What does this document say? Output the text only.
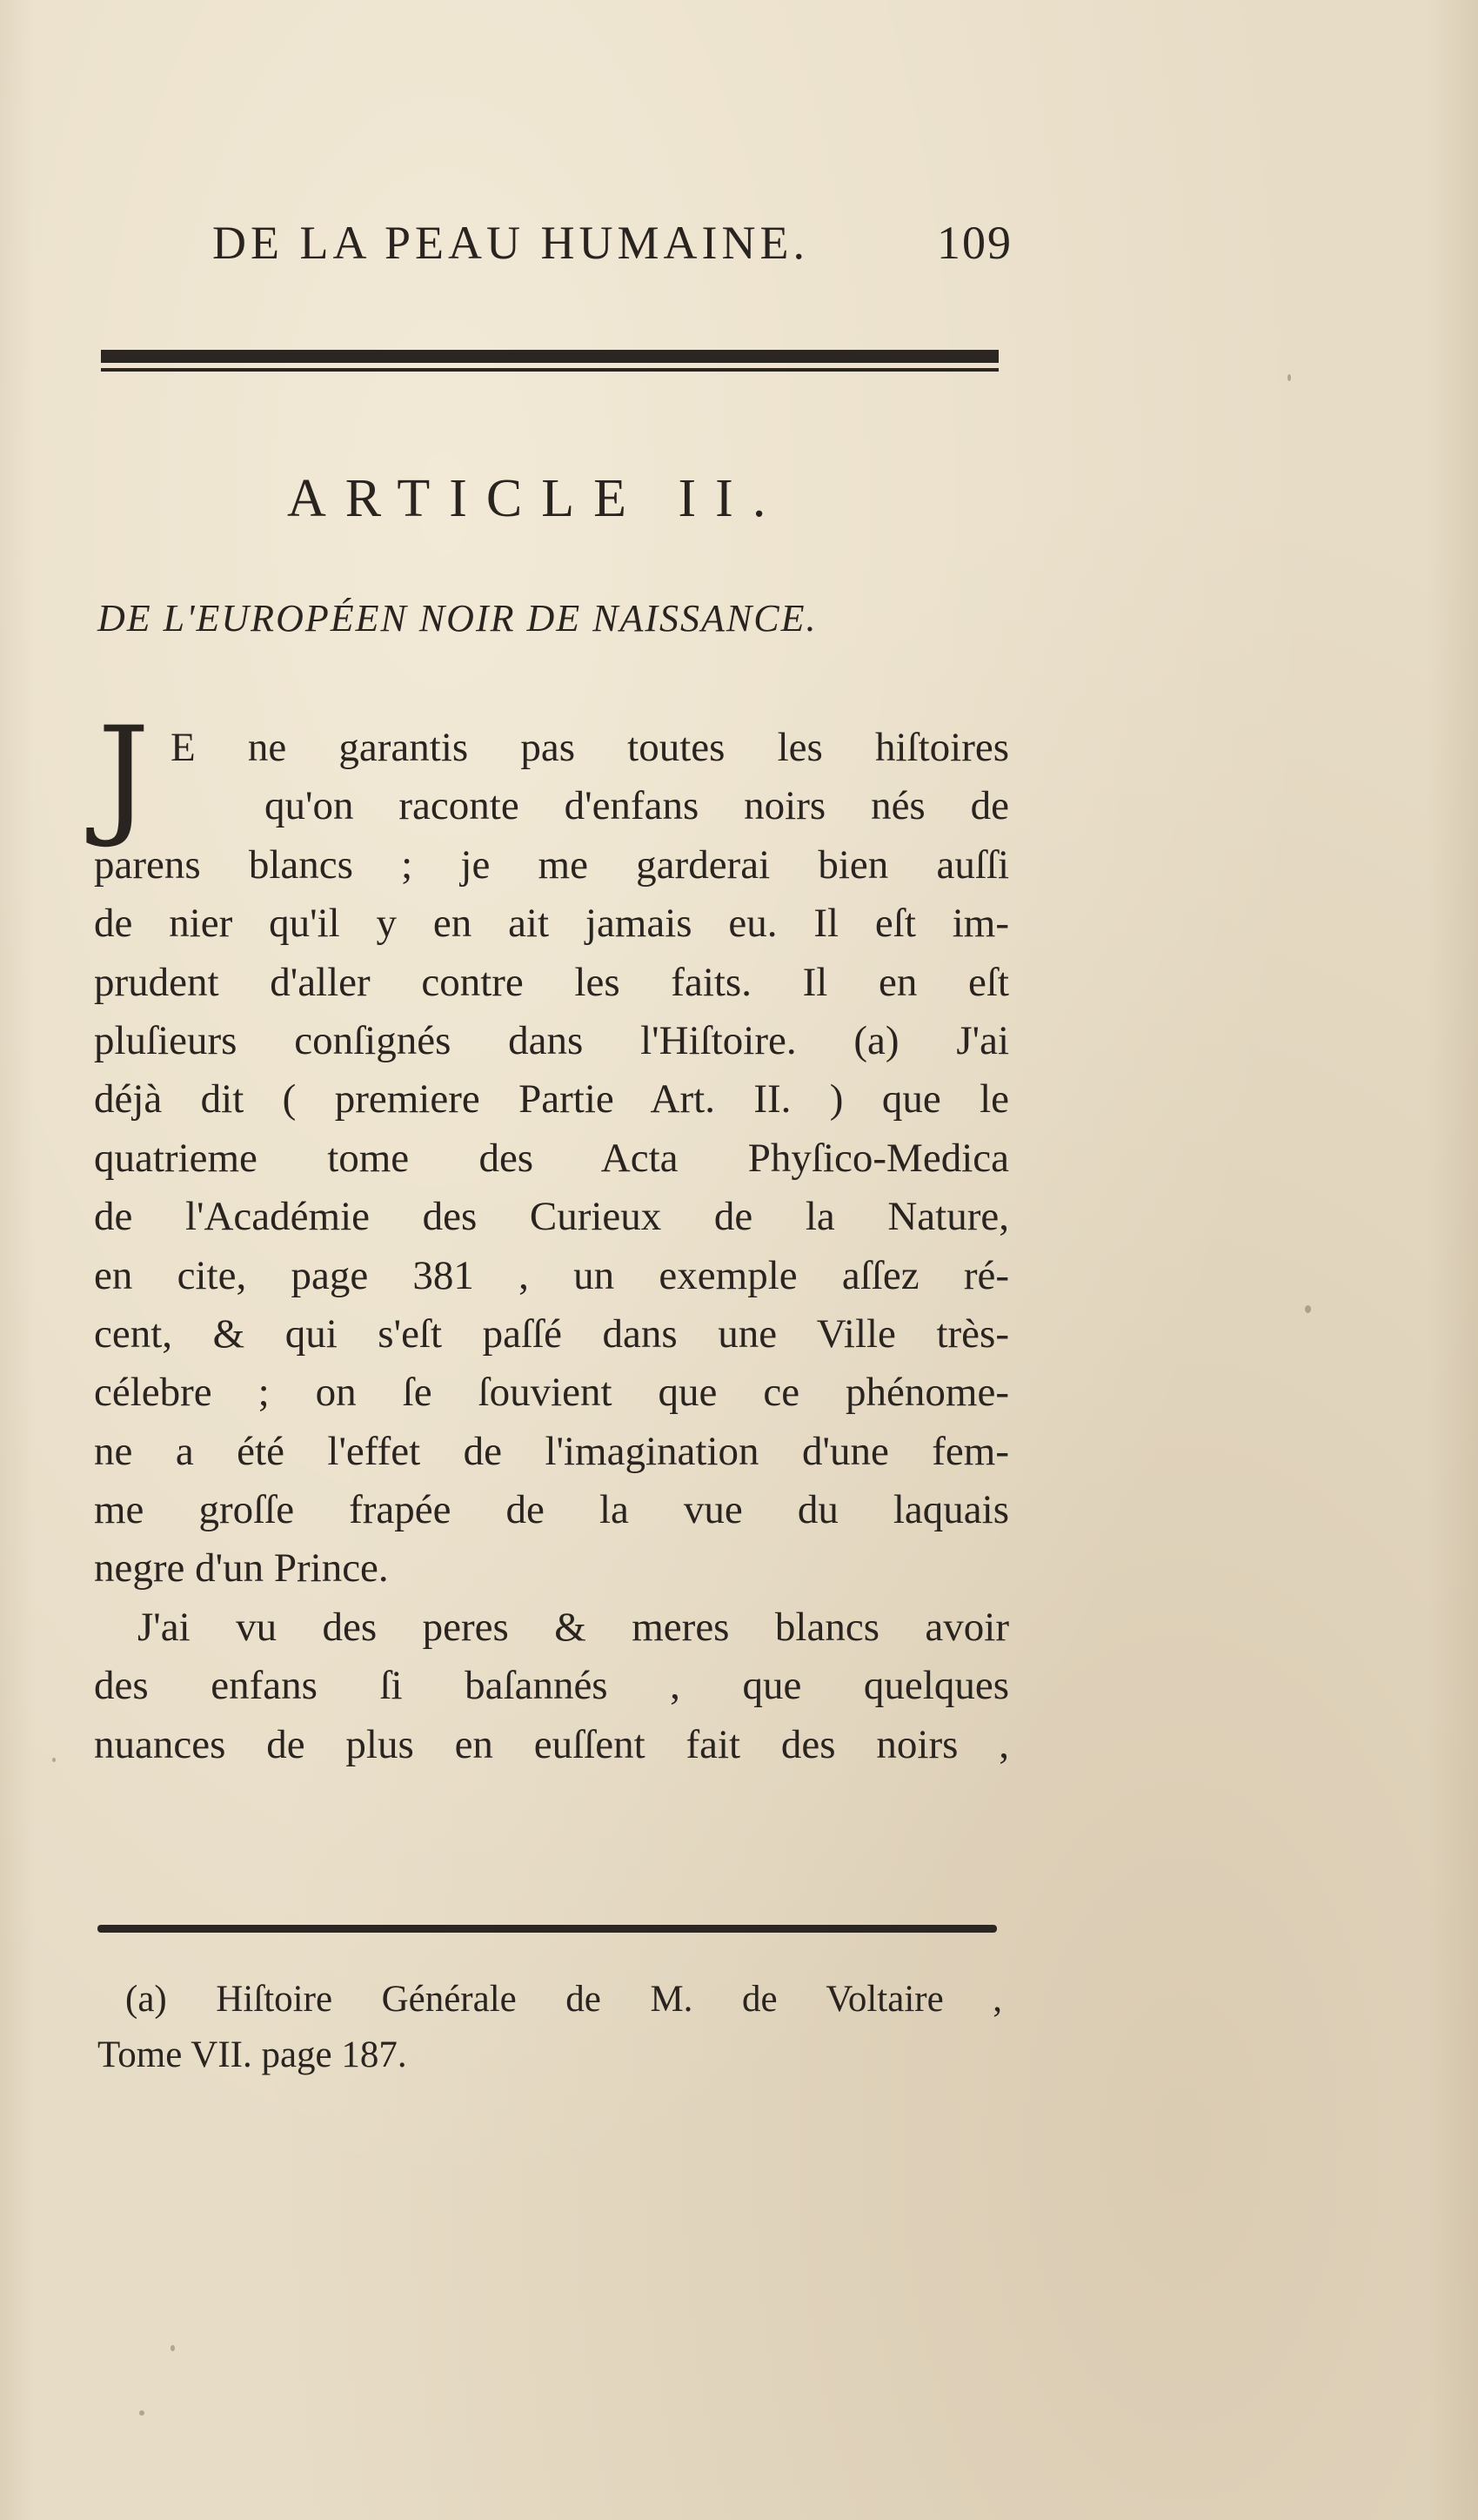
DE LA PEAU HUMAINE.	109
ARTICLE II.
DE L'EUROPÉEN NOIR DE NAISSANCE.
J E ne garantis pas toutes les hiſtoires
qu'on raconte d'enfans noirs nés de
parens blancs ; je me garderai bien auſſi
de nier qu'il y en ait jamais eu. Il eſt im-
prudent d'aller contre les faits. Il en eſt
pluſieurs conſignés dans l'Hiſtoire. (a) J'ai
déjà dit ( premiere Partie Art. II. ) que le
quatrieme tome des Acta Phyſico-Medica
de l'Académie des Curieux de la Nature,
en cite, page 381 , un exemple aſſez ré-
cent, & qui s'eſt paſſé dans une Ville très-
célebre ; on ſe ſouvient que ce phénome-
ne a été l'effet de l'imagination d'une fem-
me groſſe frapée de la vue du laquais
negre d'un Prince.
J'ai vu des peres & meres blancs avoir
des enfans ſi baſannés , que quelques
nuances de plus en euſſent fait des noirs ,
(a) Hiſtoire Générale de M. de Voltaire ,
Tome VII. page 187.
